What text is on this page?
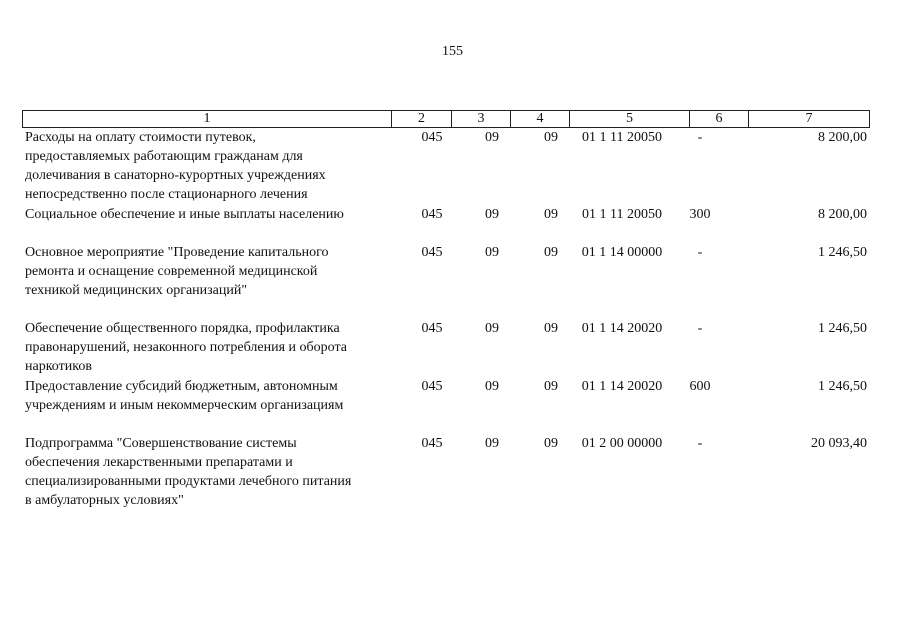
155
1	2	3	4	5	6	7
Расходы на оплату стоимости путевок,
предоставляемых работающим гражданам для
долечивания в санаторно-курортных учреждениях
непосредственно после стационарного лечения
045	09	09	01 1 11 20050	-	8 200,00
Социальное обеспечение и иные выплаты населению	045	09	09	01 1 11 20050	300	8 200,00
Основное мероприятие "Проведение капитального
ремонта и оснащение современной медицинской
техникой медицинских организаций"
045	09	09	01 1 14 00000	-	1 246,50
Обеспечение общественного порядка, профилактика
правонарушений, незаконного потребления и оборота
наркотиков
045	09	09	01 1 14 20020	-	1 246,50
Предоставление субсидий бюджетным, автономным
учреждениям и иным некоммерческим организациям
045	09	09	01 1 14 20020	600	1 246,50
Подпрограмма "Совершенствование системы
обеспечения лекарственными препаратами и
специализированными продуктами лечебного питания
в амбулаторных условиях"
045	09	09	01 2 00 00000	-	20 093,40
